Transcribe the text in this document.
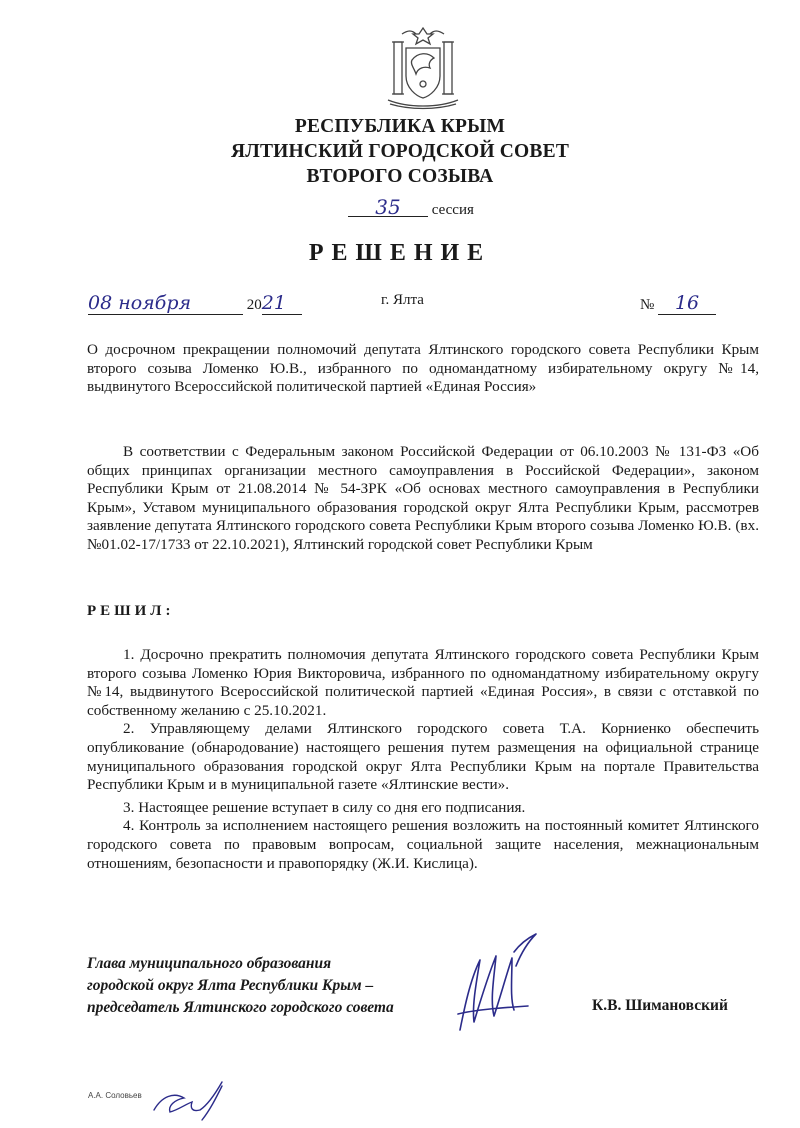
РЕСПУБЛИКА КРЫМ
ЯЛТИНСКИЙ ГОРОДСКОЙ СОВЕТ
ВТОРОГО СОЗЫВА
35 сессия
РЕШЕНИЕ
08 ноября	2021	г. Ялта	№ 16

О досрочном прекращении полномочий депутата Ялтинского городского совета Республики Крым второго созыва Ломенко Ю.В., избранного по одномандатному избирательному округу №14, выдвинутого Всероссийской политической партией «Единая Россия»

В соответствии с Федеральным законом Российской Федерации от 06.10.2003 № 131-ФЗ «Об общих принципах организации местного самоуправления в Российской Федерации», законом Республики Крым от 21.08.2014 № 54-ЗРК «Об основах местного самоуправления в Республики Крым», Уставом муниципального образования городской округ Ялта Республики Крым, рассмотрев заявление депутата Ялтинского городского совета Республики Крым второго созыва Ломенко Ю.В. (вх.№01.02-17/1733 от 22.10.2021), Ялтинский городской совет Республики Крым

РЕШИЛ:

1. Досрочно прекратить полномочия депутата Ялтинского городского совета Республики Крым второго созыва Ломенко Юрия Викторовича, избранного по одномандатному избирательному округу №14, выдвинутого Всероссийской политической партией «Единая Россия», в связи с отставкой по собственному желанию с 25.10.2021.

2. Управляющему делами Ялтинского городского совета Т.А. Корниенко обеспечить опубликование (обнародование) настоящего решения путем размещения на официальной странице муниципального образования городской округ Ялта Республики Крым на портале Правительства Республики Крым и в муниципальной газете «Ялтинские вести».

3. Настоящее решение вступает в силу со дня его подписания.

4. Контроль за исполнением настоящего решения возложить на постоянный комитет Ялтинского городского совета по правовым вопросам, социальной защите населения, межнациональным отношениям, безопасности и правопорядку (Ж.И. Кислица).

Глава муниципального образования
городской округ Ялта Республики Крым –
председатель Ялтинского городского совета	К.В. Шимановский
А.А. Соловьев
